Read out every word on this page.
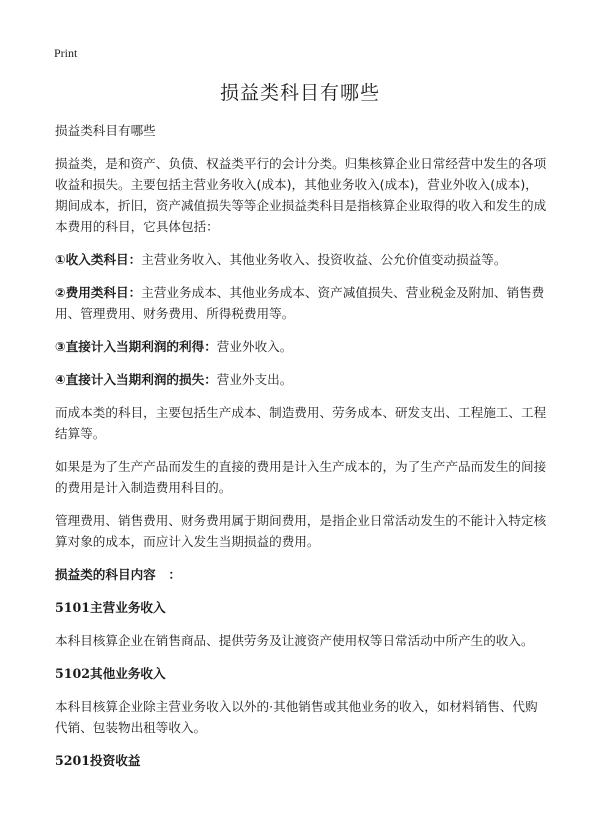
Print
损益类科目有哪些

损益类科目有哪些

损益类，是和资产、负债、权益类平行的会计分类。归集核算企业日常经营中发生的各项收益和损失。主要包括主营业务收入(成本)，其他业务收入(成本)，营业外收入(成本)，期间成本，折旧，资产减值损失等等企业损益类科目是指核算企业取得的收入和发生的成本费用的科目，它具体包括：

①收入类科目：主营业务收入、其他业务收入、投资收益、公允价值变动损益等。

②费用类科目：主营业务成本、其他业务成本、资产减值损失、营业税金及附加、销售费用、管理费用、财务费用、所得税费用等。

③直接计入当期利润的利得：营业外收入。

④直接计入当期利润的损失：营业外支出。

而成本类的科目，主要包括生产成本、制造费用、劳务成本、研发支出、工程施工、工程结算等。

如果是为了生产产品而发生的直接的费用是计入生产成本的，为了生产产品而发生的间接的费用是计入制造费用科目的。

管理费用、销售费用、财务费用属于期间费用，是指企业日常活动发生的不能计入特定核算对象的成本，而应计入发生当期损益的费用。

损益类的科目内容　：

5101主营业务收入

本科目核算企业在销售商品、提供劳务及让渡资产使用权等日常活动中所产生的收入。

5102其他业务收入

本科目核算企业除主营业务收入以外的·其他销售或其他业务的收入，如材料销售、代购代销、包装物出租等收入。

5201投资收益
